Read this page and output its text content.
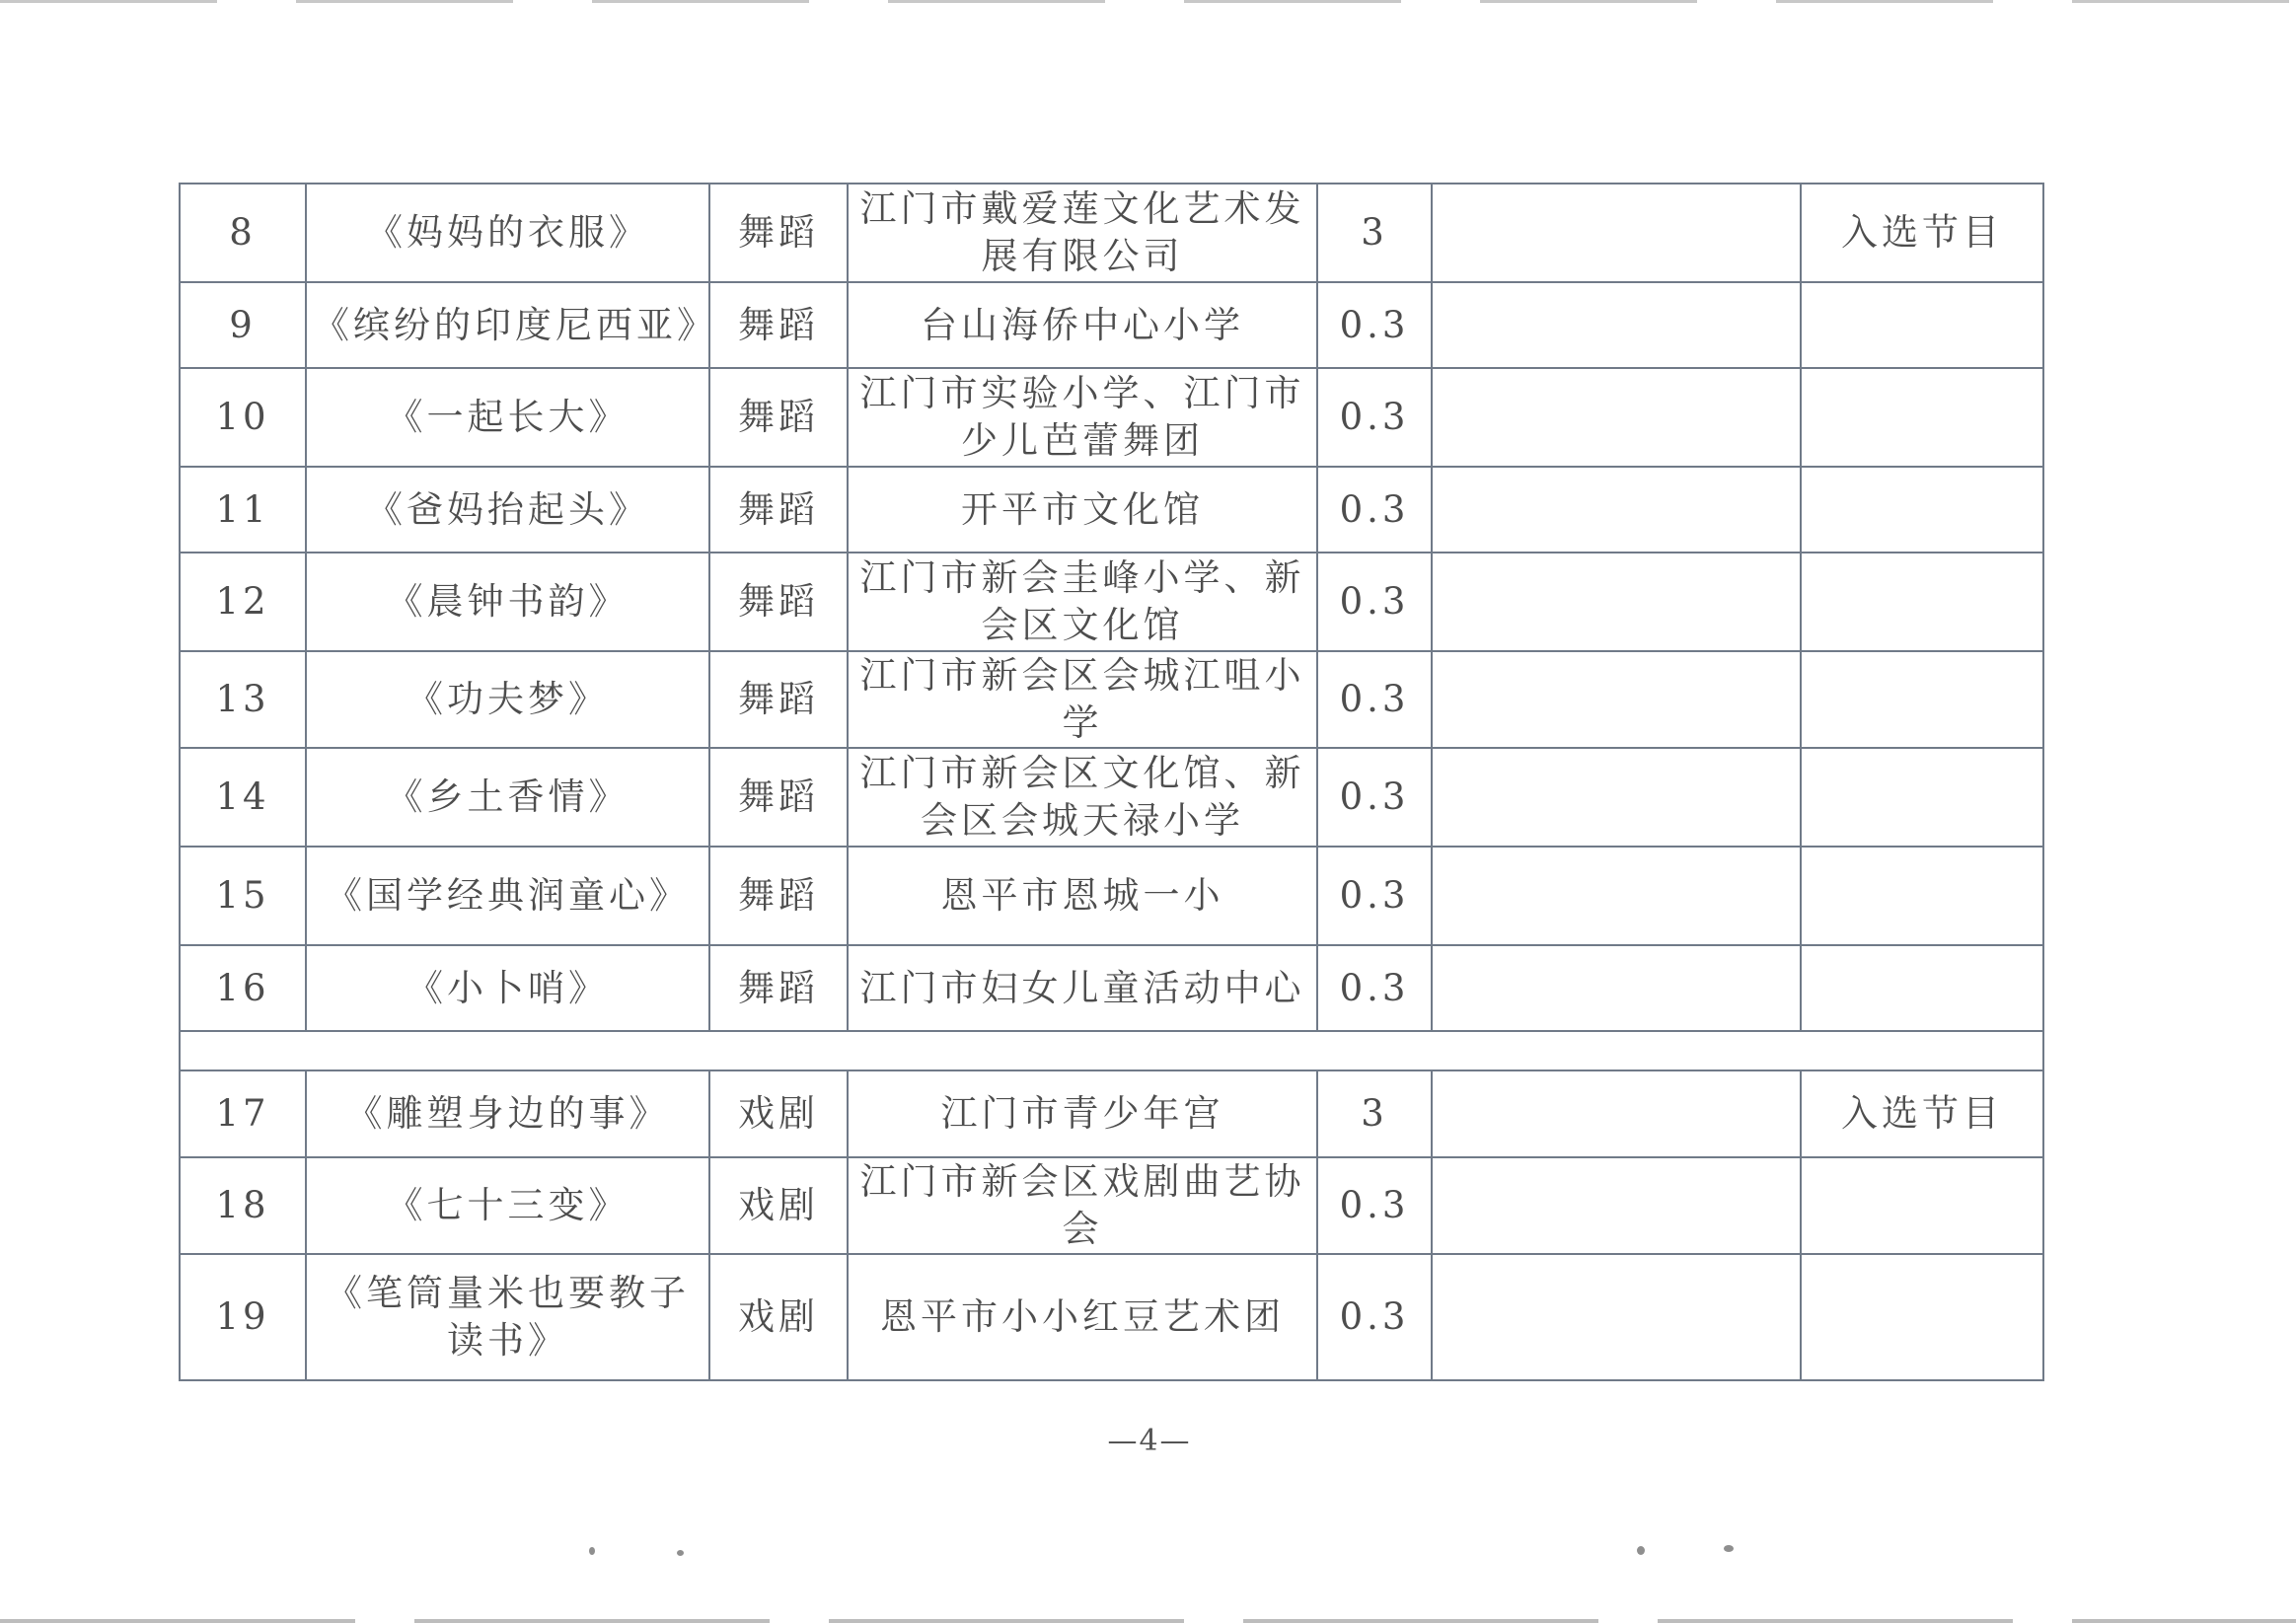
8	《妈妈的衣服》	舞蹈	江门市戴爱莲文化艺术发展有限公司	3		入选节目
9	《缤纷的印度尼西亚》	舞蹈	台山海侨中心小学	0.3		
10	《一起长大》	舞蹈	江门市实验小学、江门市少儿芭蕾舞团	0.3		
11	《爸妈抬起头》	舞蹈	开平市文化馆	0.3		
12	《晨钟书韵》	舞蹈	江门市新会圭峰小学、新会区文化馆	0.3		
13	《功夫梦》	舞蹈	江门市新会区会城江咀小学	0.3		
14	《乡土香情》	舞蹈	江门市新会区文化馆、新会区会城天禄小学	0.3		
15	《国学经典润童心》	舞蹈	恩平市恩城一小	0.3		
16	《小卜哨》	舞蹈	江门市妇女儿童活动中心	0.3		

17	《雕塑身边的事》	戏剧	江门市青少年宫	3		入选节目
18	《七十三变》	戏剧	江门市新会区戏剧曲艺协会	0.3		
19	《笔筒量米也要教子读书》	戏剧	恩平市小小红豆艺术团	0.3		
—4—
